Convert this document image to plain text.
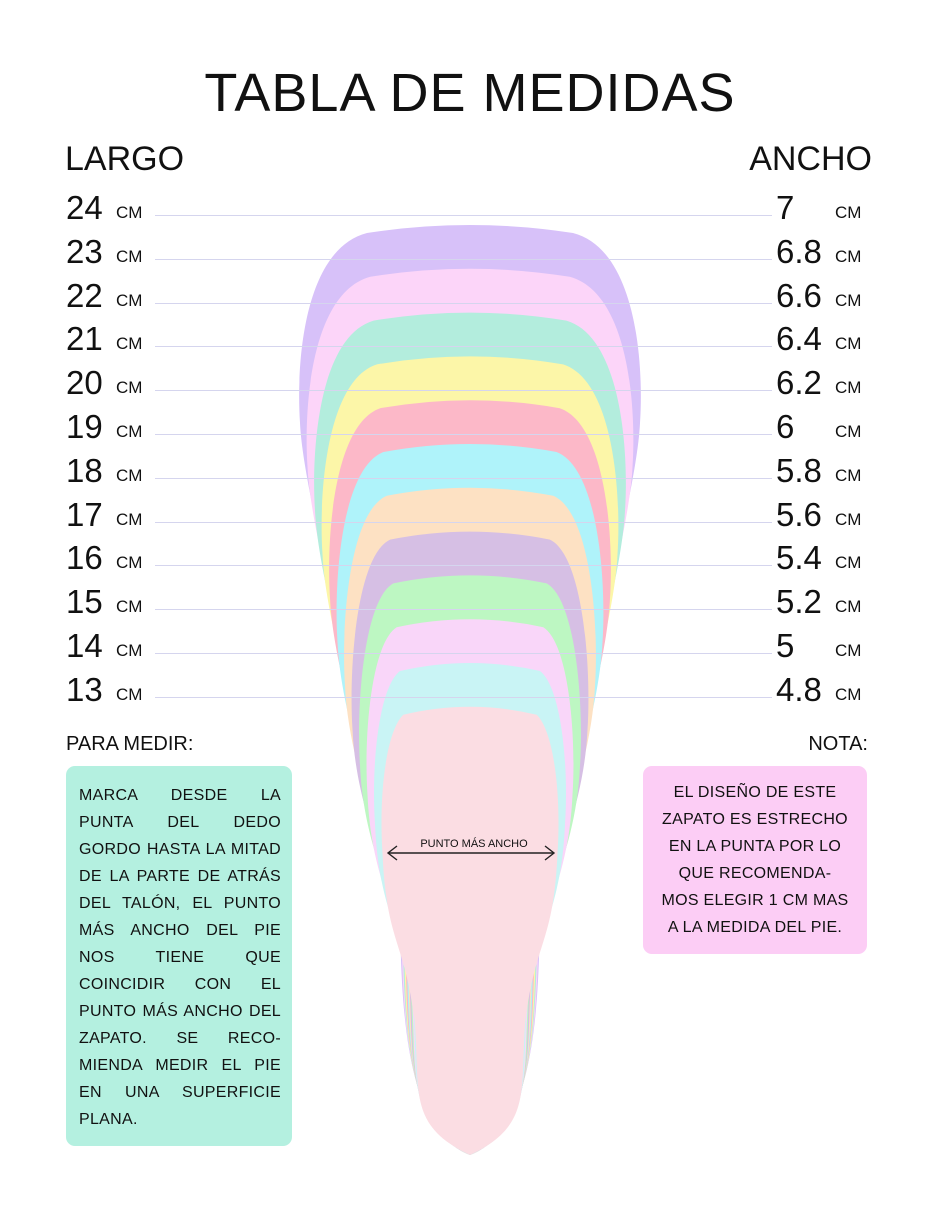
TABLA DE MEDIDAS
LARGO	ANCHO
PUNTO MÁS ANCHO
24 CM	7 CM
23 CM	6.8 CM
22 CM	6.6 CM
21 CM	6.4 CM
20 CM	6.2 CM
19 CM	6 CM
18 CM	5.8 CM
17 CM	5.6 CM
16 CM	5.4 CM
15 CM	5.2 CM
14 CM	5 CM
13 CM	4.8 CM
PARA MEDIR:	NOTA:
MARCA DESDE LA PUNTA DEL DEDO GORDO HASTA LA MITAD DE LA PARTE DE ATRÁS DEL TALÓN, EL PUNTO MÁS ANCHO DEL PIE NOS TIENE QUE COINCIDIR CON EL PUNTO MÁS ANCHO DEL ZAPATO. SE RECO- MIENDA MEDIR EL PIE EN UNA SUPERFICIE PLANA.
EL DISEÑO DE ESTE
ZAPATO ES ESTRECHO
EN LA PUNTA POR LO
QUE RECOMENDA-
MOS ELEGIR 1 CM MAS
A LA MEDIDA DEL PIE.
